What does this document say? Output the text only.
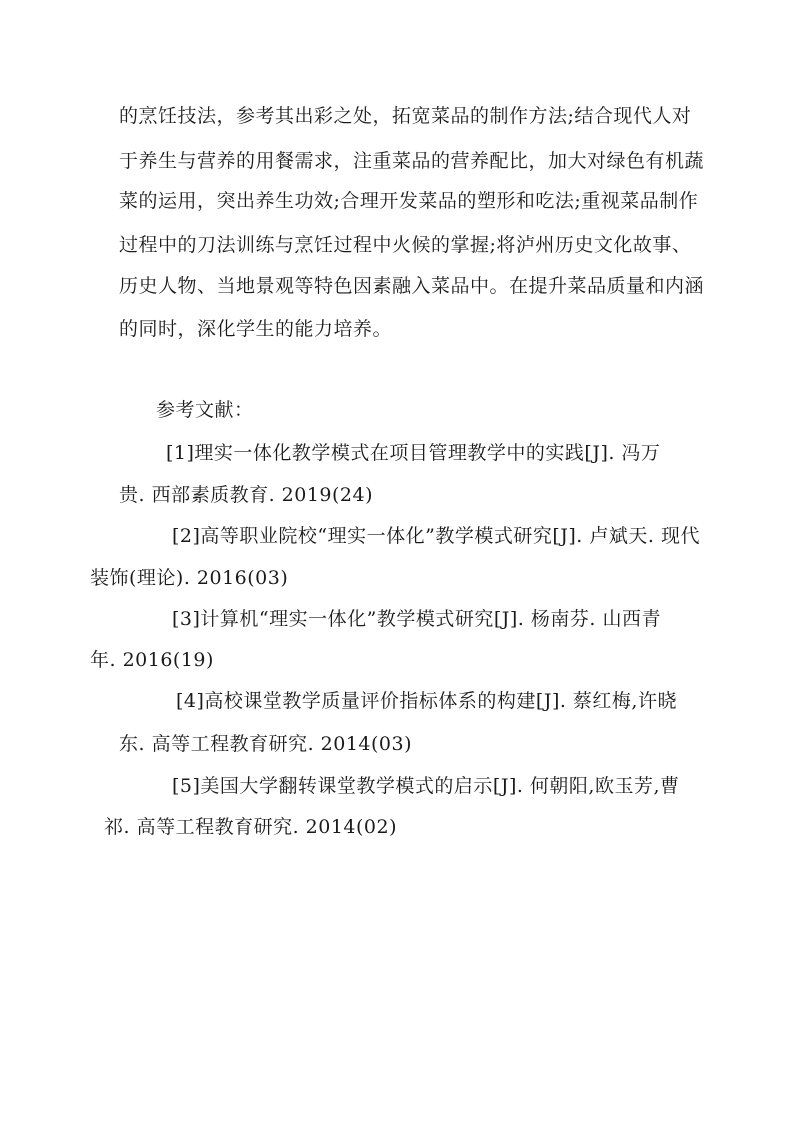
的烹饪技法，参考其出彩之处，拓宽菜品的制作方法;结合现代人对
于养生与营养的用餐需求，注重菜品的营养配比，加大对绿色有机蔬
菜的运用，突出养生功效;合理开发菜品的塑形和吃法;重视菜品制作
过程中的刀法训练与烹饪过程中火候的掌握;将泸州历史文化故事、
历史人物、当地景观等特色因素融入菜品中。在提升菜品质量和内涵
的同时，深化学生的能力培养。
参考文献：
[1]理实一体化教学模式在项目管理教学中的实践[J]. 冯万
贵. 西部素质教育. 2019(24)
[2]高等职业院校“理实一体化”教学模式研究[J]. 卢斌天. 现代
装饰(理论). 2016(03)
[3]计算机“理实一体化”教学模式研究[J]. 杨南芬. 山西青
年. 2016(19)
[4]高校课堂教学质量评价指标体系的构建[J]. 蔡红梅,许晓
东. 高等工程教育研究. 2014(03)
[5]美国大学翻转课堂教学模式的启示[J]. 何朝阳,欧玉芳,曹
祁. 高等工程教育研究. 2014(02)
